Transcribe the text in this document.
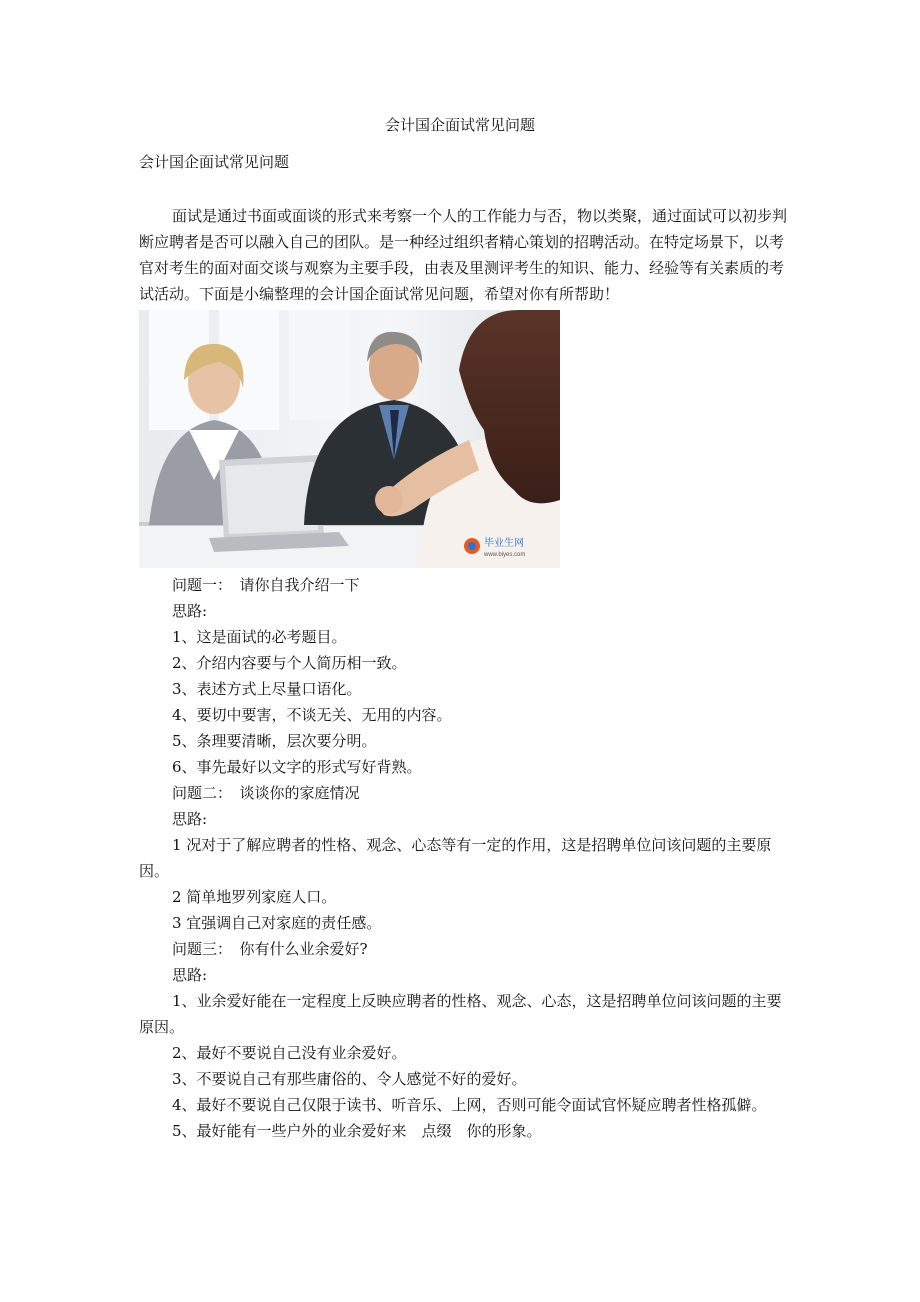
会计国企面试常见问题
会计国企面试常见问题

面试是通过书面或面谈的形式来考察一个人的工作能力与否，物以类聚，通过面试可以初步判断应聘者是否可以融入自己的团队。是一种经过组织者精心策划的招聘活动。在特定场景下，以考官对考生的面对面交谈与观察为主要手段，由表及里测评考生的知识、能力、经验等有关素质的考试活动。下面是小编整理的会计国企面试常见问题，希望对你有所帮助！

毕业生网
www.biyes.com

问题一：　请你自我介绍一下

思路:

1、这是面试的必考题目。

2、介绍内容要与个人简历相一致。

3、表述方式上尽量口语化。

4、要切中要害，不谈无关、无用的内容。

5、条理要清晰，层次要分明。

6、事先最好以文字的形式写好背熟。

问题二：　谈谈你的家庭情况

思路:

1 况对于了解应聘者的性格、观念、心态等有一定的作用，这是招聘单位问该问题的主要原因。

2 简单地罗列家庭人口。

3 宜强调自己对家庭的责任感。

问题三：　你有什么业余爱好?

思路:

1、业余爱好能在一定程度上反映应聘者的性格、观念、心态，这是招聘单位问该问题的主要原因。

2、最好不要说自己没有业余爱好。

3、不要说自己有那些庸俗的、令人感觉不好的爱好。

4、最好不要说自己仅限于读书、听音乐、上网，否则可能令面试官怀疑应聘者性格孤僻。

5、最好能有一些户外的业余爱好来　点缀　你的形象。
